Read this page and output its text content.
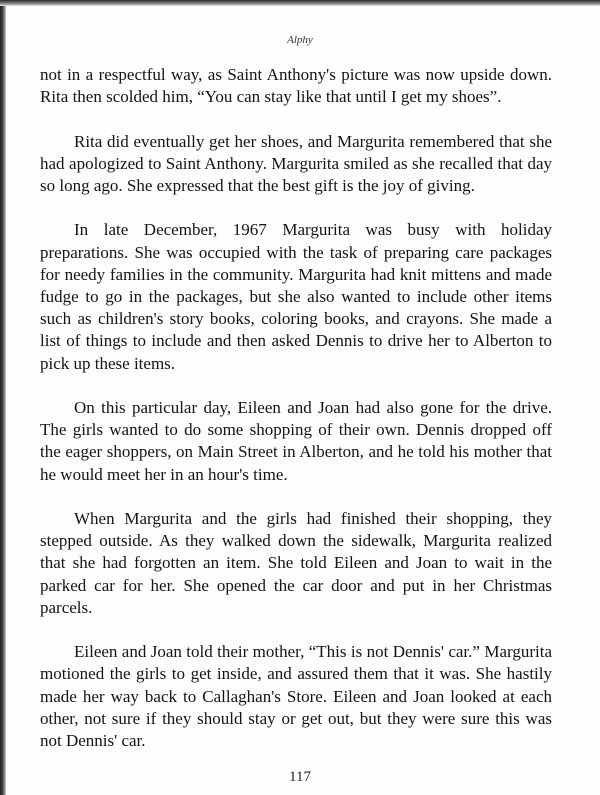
Alphy

not in a respectful way, as Saint Anthony's picture was now upside down. Rita then scolded him, “You can stay like that until I get my shoes”.

Rita did eventually get her shoes, and Margurita remembered that she had apologized to Saint Anthony. Margurita smiled as she recalled that day so long ago. She expressed that the best gift is the joy of giving.

In late December, 1967 Margurita was busy with holiday preparations. She was occupied with the task of preparing care packages for needy families in the community. Margurita had knit mittens and made fudge to go in the packages, but she also wanted to include other items such as children's story books, coloring books, and crayons. She made a list of things to include and then asked Dennis to drive her to Alberton to pick up these items.

On this particular day, Eileen and Joan had also gone for the drive. The girls wanted to do some shopping of their own. Dennis dropped off the eager shoppers, on Main Street in Alberton, and he told his mother that he would meet her in an hour's time.

When Margurita and the girls had finished their shopping, they stepped outside. As they walked down the sidewalk, Margurita realized that she had forgotten an item. She told Eileen and Joan to wait in the parked car for her. She opened the car door and put in her Christmas parcels.

Eileen and Joan told their mother, “This is not Dennis' car.” Margurita motioned the girls to get inside, and assured them that it was. She hastily made her way back to Callaghan's Store. Eileen and Joan looked at each other, not sure if they should stay or get out, but they were sure this was not Dennis' car.

117
